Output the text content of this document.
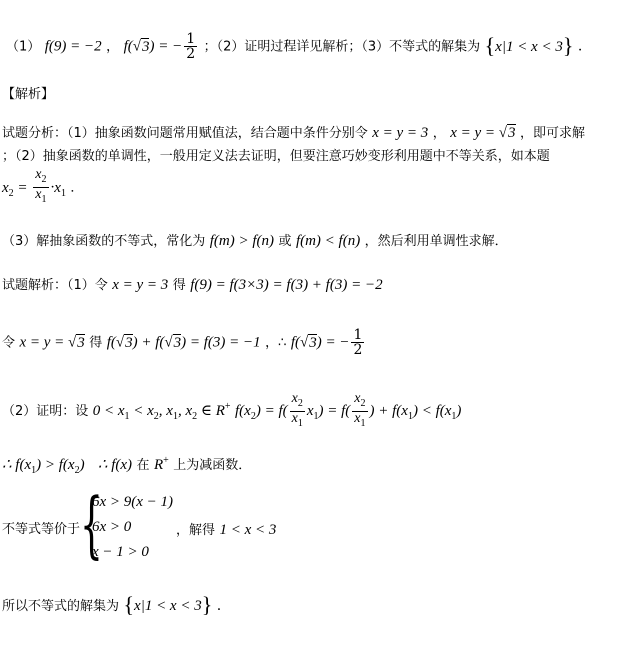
（1） f(9) = −2 ， f(√3) = − $\frac{1}{2}$ ；（2）证明过程详见解析；（3）不等式的解集为 {x|1 < x < 3} .
【解析】
试题分析：（1）抽象函数问题常用赋值法，结合题中条件分别令 x = y = 3 ， x = y = √3 ，即可求解
；（2）抽象函数的单调性，一般用定义法去证明，但要注意巧妙变形利用题中不等关系，如本题
$x_2 = \frac{x_2}{x_1} \cdot x_1$ ．
（3）解抽象函数的不等式，常化为 f(m) > f(n) 或 f(m) < f(n) ，然后利用单调性求解．
试题解析：（1）令 x = y = 3 得 f(9) = f(3×3) = f(3) + f(3) = −2
令 x = y = √3 得 f(√3) + f(√3) = f(3) = −1 ，∴ f(√3) = − $\frac{1}{2}$
（2）证明：设 $0 < x_1 < x_2$, $x_1$, $x_2$ ∈ R+ $f(x_2) = f( \frac{x_2}{x_1} x_1) = f( \frac{x_2}{x_1}$ ) + $f(x_1) < f(x_1)$
∴ $f(x_1) > f(x_2)$ ∴ f(x) 在 R+ 上为减函数．
不等式等价于 {
6x > 9(x − 1)
6x > 0
x − 1 > 0
，解得 1 < x < 3
所以不等式的解集为 {x|1 < x < 3} .
